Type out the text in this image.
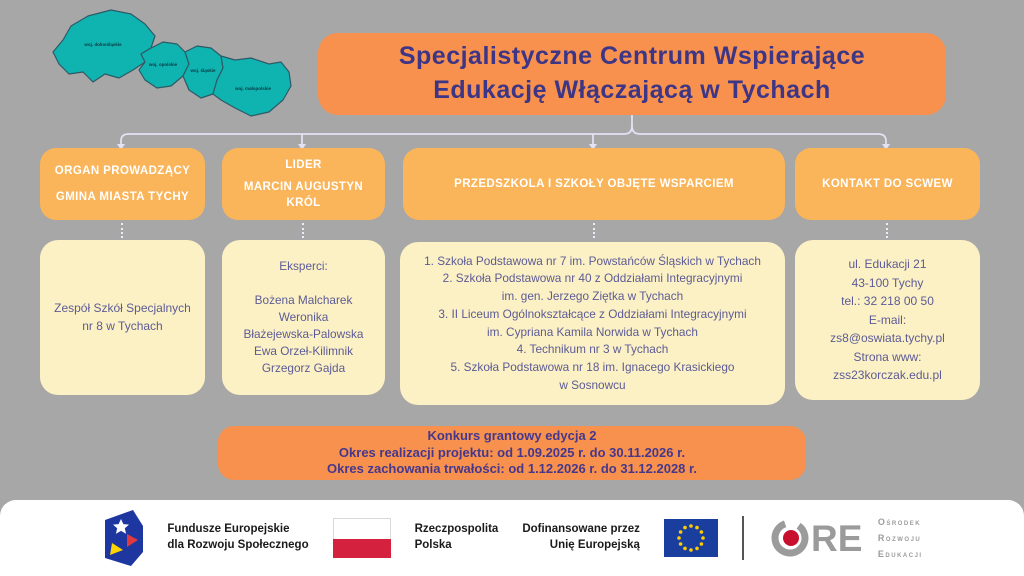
woj. dolnośląskie
woj. opolskie
woj. śląskie
woj. małopolskie
Specjalistyczne Centrum Wspierające
Edukację Włączającą w Tychach
ORGAN PROWADZĄCY
GMINA MIASTA TYCHY
LIDER
MARCIN AUGUSTYN KRÓL
PRZEDSZKOLA I SZKOŁY OBJĘTE WSPARCIEM	KONTAKT DO SCWEW
Zespół Szkół Specjalnych
nr 8 w Tychach
Eksperci:

Bożena Malcharek
Weronika
Błażejewska-Palowska
Ewa Orzeł-Kilimnik
Grzegorz Gajda
1. Szkoła Podstawowa nr 7 im. Powstańców Śląskich w Tychach
2. Szkoła Podstawowa nr 40 z Oddziałami Integracyjnymi
im. gen. Jerzego Ziętka w Tychach
3. II Liceum Ogólnokształcące z Oddziałami Integracyjnymi
im. Cypriana Kamila Norwida w Tychach
4. Technikum nr 3 w Tychach
5. Szkoła Podstawowa nr 18 im. Ignacego Krasickiego
w Sosnowcu
ul. Edukacji 21
43-100 Tychy
tel.: 32 218 00 50
E-mail:
zs8@oswiata.tychy.pl
Strona www:
zss23korczak.edu.pl
Konkurs grantowy edycja 2
Okres realizacji projektu: od 1.09.2025 r. do 30.11.2026 r.
Okres zachowania trwałości: od 1.12.2026 r. do 31.12.2028 r.
Fundusze Europejskie
dla Rozwoju Społecznego
Rzeczpospolita
Polska
Dofinansowane przez
Unię Europejską	RE Ośrodek
Rozwoju
Edukacji
